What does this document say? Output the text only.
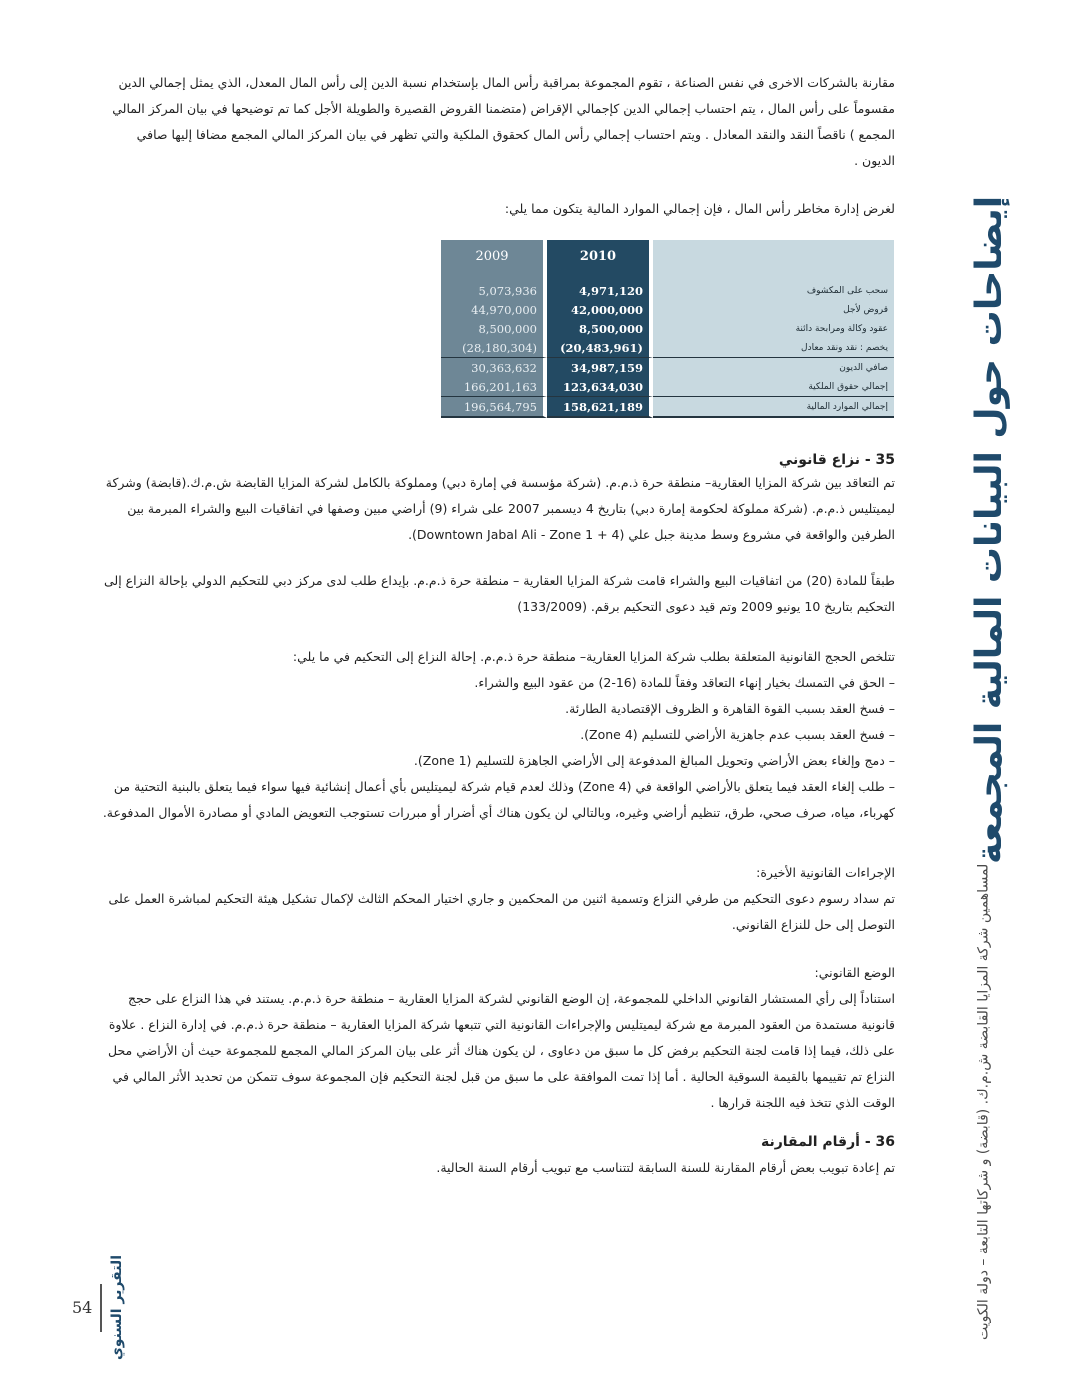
مقارنة بالشركات الاخرى في نفس الصناعة ، تقوم المجموعة بمراقبة رأس المال بإستخدام نسبة الدين إلى رأس المال المعدل، الذي يمثل إجمالي الدين مقسوماً على رأس المال ، يتم احتساب إجمالي الدين كإجمالي الإقراض (متضمنا القروض القصيرة والطويلة الأجل كما تم توضيحها في بيان المركز المالي المجمع ) ناقصاً النقد والنقد المعادل . ويتم احتساب إجمالي رأس المال كحقوق الملكية والتي تظهر في بيان المركز المالي المجمع مضافا إليها صافي الديون .

لغرض إدارة مخاطر رأس المال ، فإن إجمالي الموارد المالية يتكون مما يلي:

2009	2010	

5,073,936	4,971,120	سحب على المكشوف
44,970,000	42,000,000	قروض لأجل
8,500,000	8,500,000	عقود وكالة ومرابحة دائنة
(28,180,304)	(20,483,961)	يخصم : نقد ونقد معادل
30,363,632	34,987,159	صافي الديون
166,201,163	123,634,030	إجمالي حقوق الملكية
196,564,795	158,621,189	إجمالي الموارد المالية
35 - نزاع قانوني

تم التعاقد بين شركة المزايا العقارية– منطقة حرة ذ.م.م. (شركة مؤسسة في إمارة دبي) ومملوكة بالكامل لشركة المزايا القابضة ش.م.ك.(قابضة) وشركة ليميتليس ذ.م.م. (شركة مملوكة لحكومة إمارة دبي) بتاريخ 4 ديسمبر 2007 على شراء (9) أراضي مبين وصفها في اتفاقيات البيع والشراء المبرمة بين الطرفين والواقعة في مشروع وسط مدينة جبل علي (Downtown Jabal Ali - Zone 1 + 4).

طبقاً للمادة (20) من اتفاقيات البيع والشراء قامت شركة المزايا العقارية – منطقة حرة ذ.م.م. بإيداع طلب لدى مركز دبي للتحكيم الدولي بإحالة النزاع إلى التحكيم بتاريخ 10 يونيو 2009 وتم قيد دعوى التحكيم برقم. (133/2009)

تتلخص الحجج القانونية المتعلقة بطلب شركة المزايا العقارية– منطقة حرة ذ.م.م. إحالة النزاع إلى التحكيم في ما يلي:
– الحق في التمسك بخيار إنهاء التعاقد وفقاً للمادة (16-2) من عقود البيع والشراء.
– فسخ العقد بسبب القوة القاهرة و الظروف الإقتصادية الطارئة.
– فسخ العقد بسبب عدم جاهزية الأراضي للتسليم (Zone 4).
– دمج وإلغاء بعض الأراضي وتحويل المبالغ المدفوعة إلى الأراضي الجاهزة للتسليم (Zone 1).
– طلب إلغاء العقد فيما يتعلق بالأراضي الواقعة في (Zone 4) وذلك لعدم قيام شركة ليميتليس بأي أعمال إنشائية فيها سواء فيما يتعلق بالبنية التحتية من كهرباء، مياه، صرف صحي، طرق، تنظيم أراضي وغيره، وبالتالي لن يكون هناك أي أضرار أو مبررات تستوجب التعويض المادي أو مصادرة الأموال المدفوعة.
الإجراءات القانونية الأخيرة:
تم سداد رسوم دعوى التحكيم من طرفي النزاع وتسمية اثنين من المحكمين و جاري اختيار المحكم الثالث لإكمال تشكيل هيئة التحكيم لمباشرة العمل على التوصل إلى حل للنزاع القانوني.
الوضع القانوني:
استناداً إلى رأي المستشار القانوني الداخلي للمجموعة، إن الوضع القانوني لشركة المزايا العقارية – منطقة حرة ذ.م.م. يستند في هذا النزاع على حجج قانونية مستمدة من العقود المبرمة مع شركة ليميتليس والإجراءات القانونية التي تتبعها شركة المزايا العقارية – منطقة حرة ذ.م.م. في إدارة النزاع . علاوة على ذلك، فيما إذا قامت لجنة التحكيم برفض كل ما سبق من دعاوى ، لن يكون هناك أثر على بيان المركز المالي المجمع للمجموعة حيث أن الأراضي محل النزاع تم تقييمها بالقيمة السوقية الحالية . أما إذا تمت الموافقة على ما سبق من قبل لجنة التحكيم فإن المجموعة سوف تتمكن من تحديد الأثر المالي في الوقت الذي تتخذ فيه اللجنة قرارها .
36 - أرقام المقارنة

تم إعادة تبويب بعض أرقام المقارنة للسنة السابقة لتتناسب مع تبويب أرقام السنة الحالية.	لمساهمين شركة المزايا القابضة ش.م.ك. (قابضة) و شركاتها التابعة – دولة الكويت
إيضاحات حول البيانات المالية المجمعة
54 التقرير السنوي
